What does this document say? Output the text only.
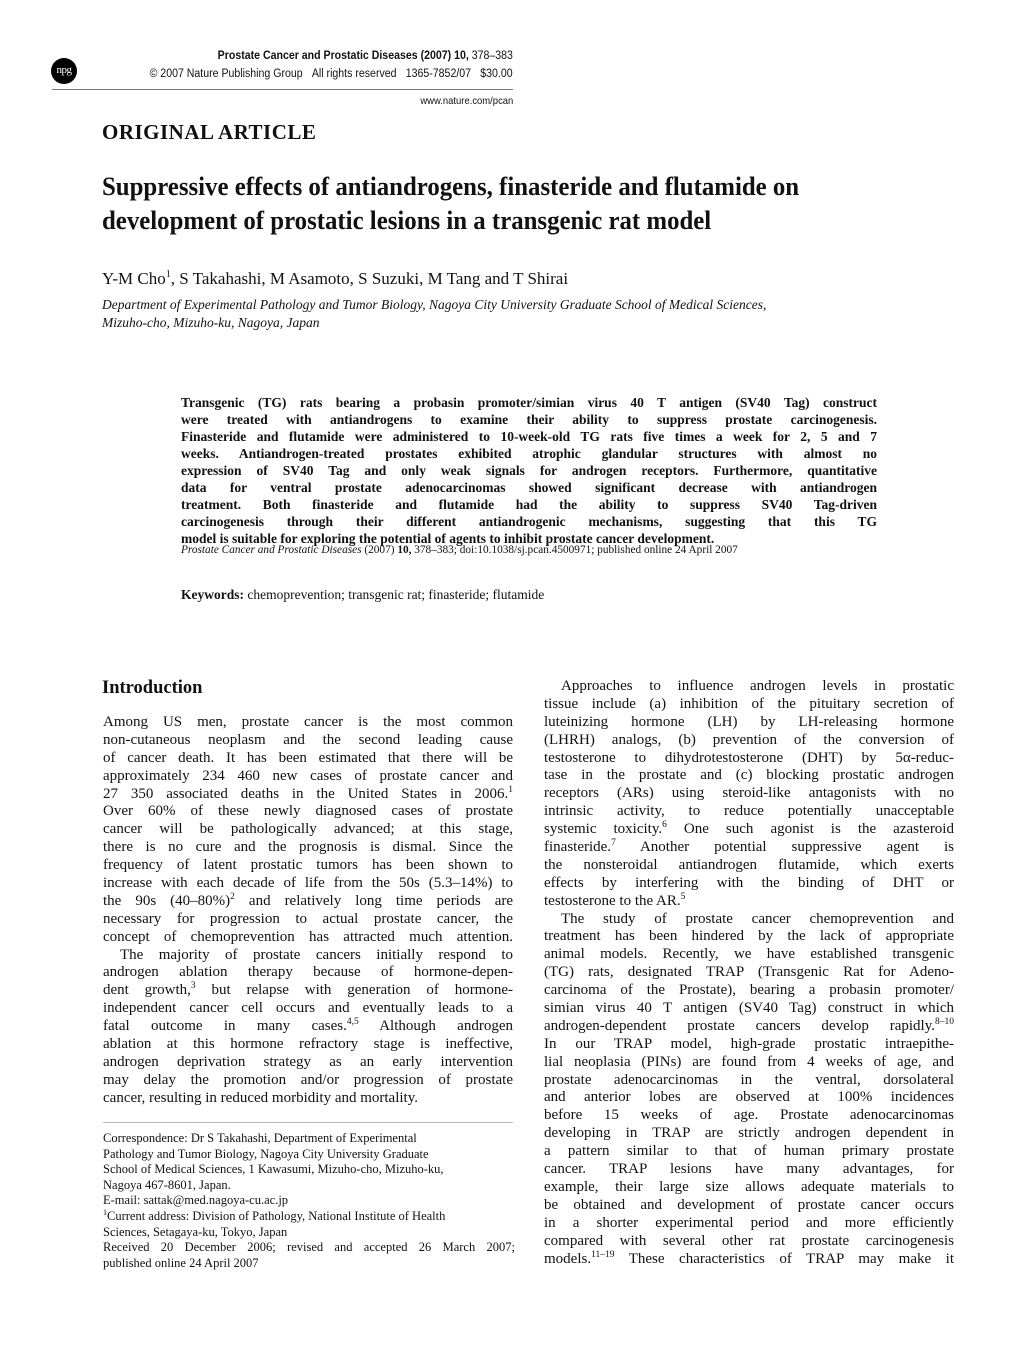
npg
Prostate Cancer and Prostatic Diseases (2007) 10, 378–383
© 2007 Nature Publishing Group All rights reserved 1365-7852/07 $30.00
www.nature.com/pcan
ORIGINAL ARTICLE
Suppressive effects of antiandrogens, finasteride and flutamide on
development of prostatic lesions in a transgenic rat model
Y-M Cho$^1$, S Takahashi, M Asamoto, S Suzuki, M Tang and T Shirai
Department of Experimental Pathology and Tumor Biology, Nagoya City University Graduate School of Medical Sciences,
Mizuho-cho, Mizuho-ku, Nagoya, Japan

Transgenic (TG) rats bearing a probasin promoter/simian virus 40 T antigen (SV40 Tag) construct
were treated with antiandrogens to examine their ability to suppress prostate carcinogenesis.
Finasteride and flutamide were administered to 10-week-old TG rats five times a week for 2, 5 and 7
weeks. Antiandrogen-treated prostates exhibited atrophic glandular structures with almost no
expression of SV40 Tag and only weak signals for androgen receptors. Furthermore, quantitative
data for ventral prostate adenocarcinomas showed significant decrease with antiandrogen
treatment. Both finasteride and flutamide had the ability to suppress SV40 Tag-driven
carcinogenesis through their different antiandrogenic mechanisms, suggesting that this TG
model is suitable for exploring the potential of agents to inhibit prostate cancer development.

Prostate Cancer and Prostatic Diseases (2007) 10, 378–383; doi:10.1038/sj.pcan.4500971; published online 24 April 2007
Keywords: chemoprevention; transgenic rat; finasteride; flutamide
Introduction
Among US men, prostate cancer is the most common
non-cutaneous neoplasm and the second leading cause
of cancer death. It has been estimated that there will be
approximately 234 460 new cases of prostate cancer and
27 350 associated deaths in the United States in 2006.$^1$
Over 60% of these newly diagnosed cases of prostate
cancer will be pathologically advanced; at this stage,
there is no cure and the prognosis is dismal. Since the
frequency of latent prostatic tumors has been shown to
increase with each decade of life from the 50s (5.3–14%) to
the 90s (40–80%)$^2$ and relatively long time periods are
necessary for progression to actual prostate cancer, the
concept of chemoprevention has attracted much attention.
The majority of prostate cancers initially respond to
androgen ablation therapy because of hormone-depen-
dent growth,$^3$ but relapse with generation of hormone-
independent cancer cell occurs and eventually leads to a
fatal outcome in many cases.$^{4,5}$ Although androgen
ablation at this hormone refractory stage is ineffective,
androgen deprivation strategy as an early intervention
may delay the promotion and/or progression of prostate
cancer, resulting in reduced morbidity and mortality.
Approaches to influence androgen levels in prostatic
tissue include (a) inhibition of the pituitary secretion of
luteinizing hormone (LH) by LH-releasing hormone
(LHRH) analogs, (b) prevention of the conversion of
testosterone to dihydrotestosterone (DHT) by 5α-reduc-
tase in the prostate and (c) blocking prostatic androgen
receptors (ARs) using steroid-like antagonists with no
intrinsic activity, to reduce potentially unacceptable
systemic toxicity.$^6$ One such agonist is the azasteroid
finasteride.$^7$ Another potential suppressive agent is
the nonsteroidal antiandrogen flutamide, which exerts
effects by interfering with the binding of DHT or
testosterone to the AR.$^5$
The study of prostate cancer chemoprevention and
treatment has been hindered by the lack of appropriate
animal models. Recently, we have established transgenic
(TG) rats, designated TRAP (Transgenic Rat for Adeno-
carcinoma of the Prostate), bearing a probasin promoter/
simian virus 40 T antigen (SV40 Tag) construct in which
androgen-dependent prostate cancers develop rapidly.$^{8-10}$
In our TRAP model, high-grade prostatic intraepithe-
lial neoplasia (PINs) are found from 4 weeks of age, and
prostate adenocarcinomas in the ventral, dorsolateral
and anterior lobes are observed at 100% incidences
before 15 weeks of age. Prostate adenocarcinomas
developing in TRAP are strictly androgen dependent in
a pattern similar to that of human primary prostate
cancer. TRAP lesions have many advantages, for
example, their large size allows adequate materials to
be obtained and development of prostate cancer occurs
in a shorter experimental period and more efficiently
compared with several other rat prostate carcinogenesis
models.$^{11-19}$ These characteristics of TRAP may make it
Correspondence: Dr S Takahashi, Department of Experimental
Pathology and Tumor Biology, Nagoya City University Graduate
School of Medical Sciences, 1 Kawasumi, Mizuho-cho, Mizuho-ku,
Nagoya 467-8601, Japan.
E-mail: sattak@med.nagoya-cu.ac.jp
$^1$Current address: Division of Pathology, National Institute of Health
Sciences, Setagaya-ku, Tokyo, Japan
Received 20 December 2006; revised and accepted 26 March 2007;
published online 24 April 2007
